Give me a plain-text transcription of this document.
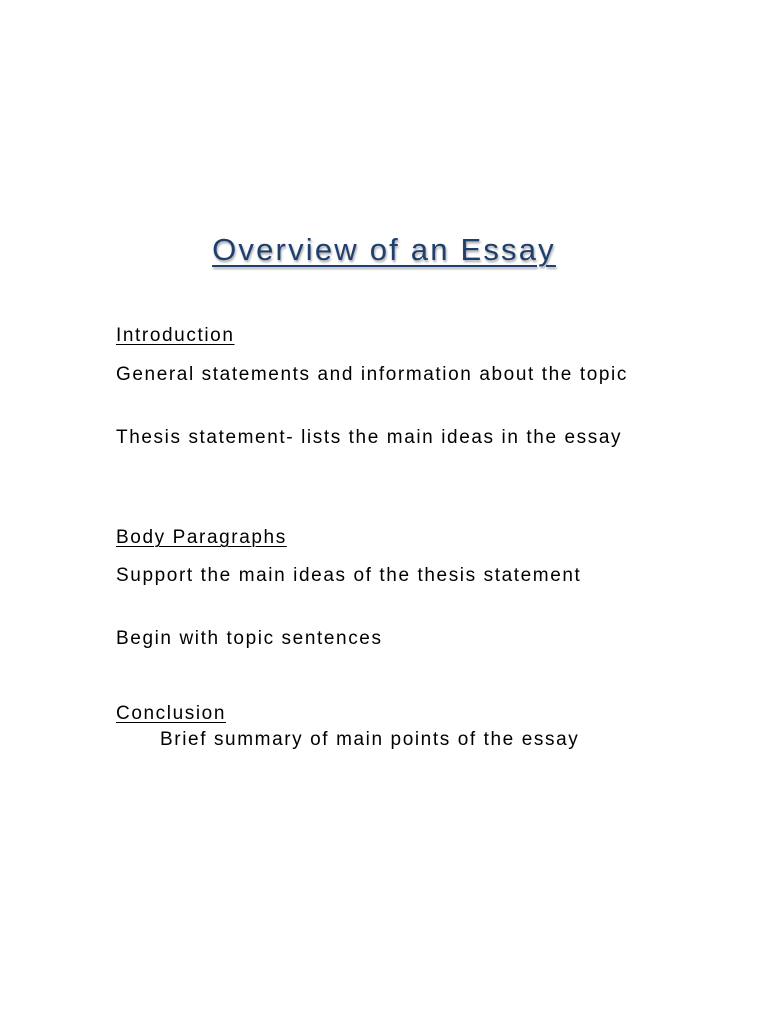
Overview of an Essay
Introduction
General statements and information about the topic
Thesis statement- lists the main ideas in the essay
Body Paragraphs
Support the main ideas of the thesis statement
Begin with topic sentences
Conclusion
Brief summary of main points of the essay
